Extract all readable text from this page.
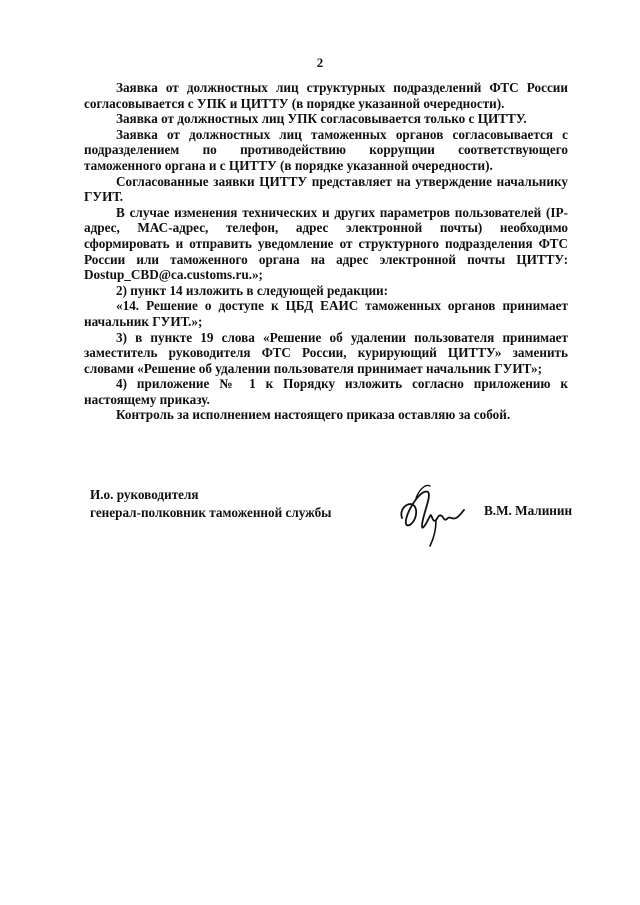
2

Заявка от должностных лиц структурных подразделений ФТС России согласовывается с УПК и ЦИТТУ (в порядке указанной очередности).

Заявка от должностных лиц УПК согласовывается только с ЦИТТУ.

Заявка от должностных лиц таможенных органов согласовывается с подразделением по противодействию коррупции соответствующего таможенного органа и с ЦИТТУ (в порядке указанной очередности).

Согласованные заявки ЦИТТУ представляет на утверждение начальнику ГУИТ.

В случае изменения технических и других параметров пользователей (IP-адрес, МАС-адрес, телефон, адрес электронной почты) необходимо сформировать и отправить уведомление от структурного подразделения ФТС России или таможенного органа на адрес электронной почты ЦИТТУ: Dostup_CBD@ca.customs.ru.»;

2) пункт 14 изложить в следующей редакции:

«14. Решение о доступе к ЦБД ЕАИС таможенных органов принимает начальник ГУИТ.»;

3) в пункте 19 слова «Решение об удалении пользователя принимает заместитель руководителя ФТС России, курирующий ЦИТТУ» заменить словами «Решение об удалении пользователя принимает начальник ГУИТ»;

4) приложение № 1 к Порядку изложить согласно приложению к настоящему приказу.

Контроль за исполнением настоящего приказа оставляю за собой.

И.о. руководителя
генерал-полковник таможенной службы	В.М. Малинин
